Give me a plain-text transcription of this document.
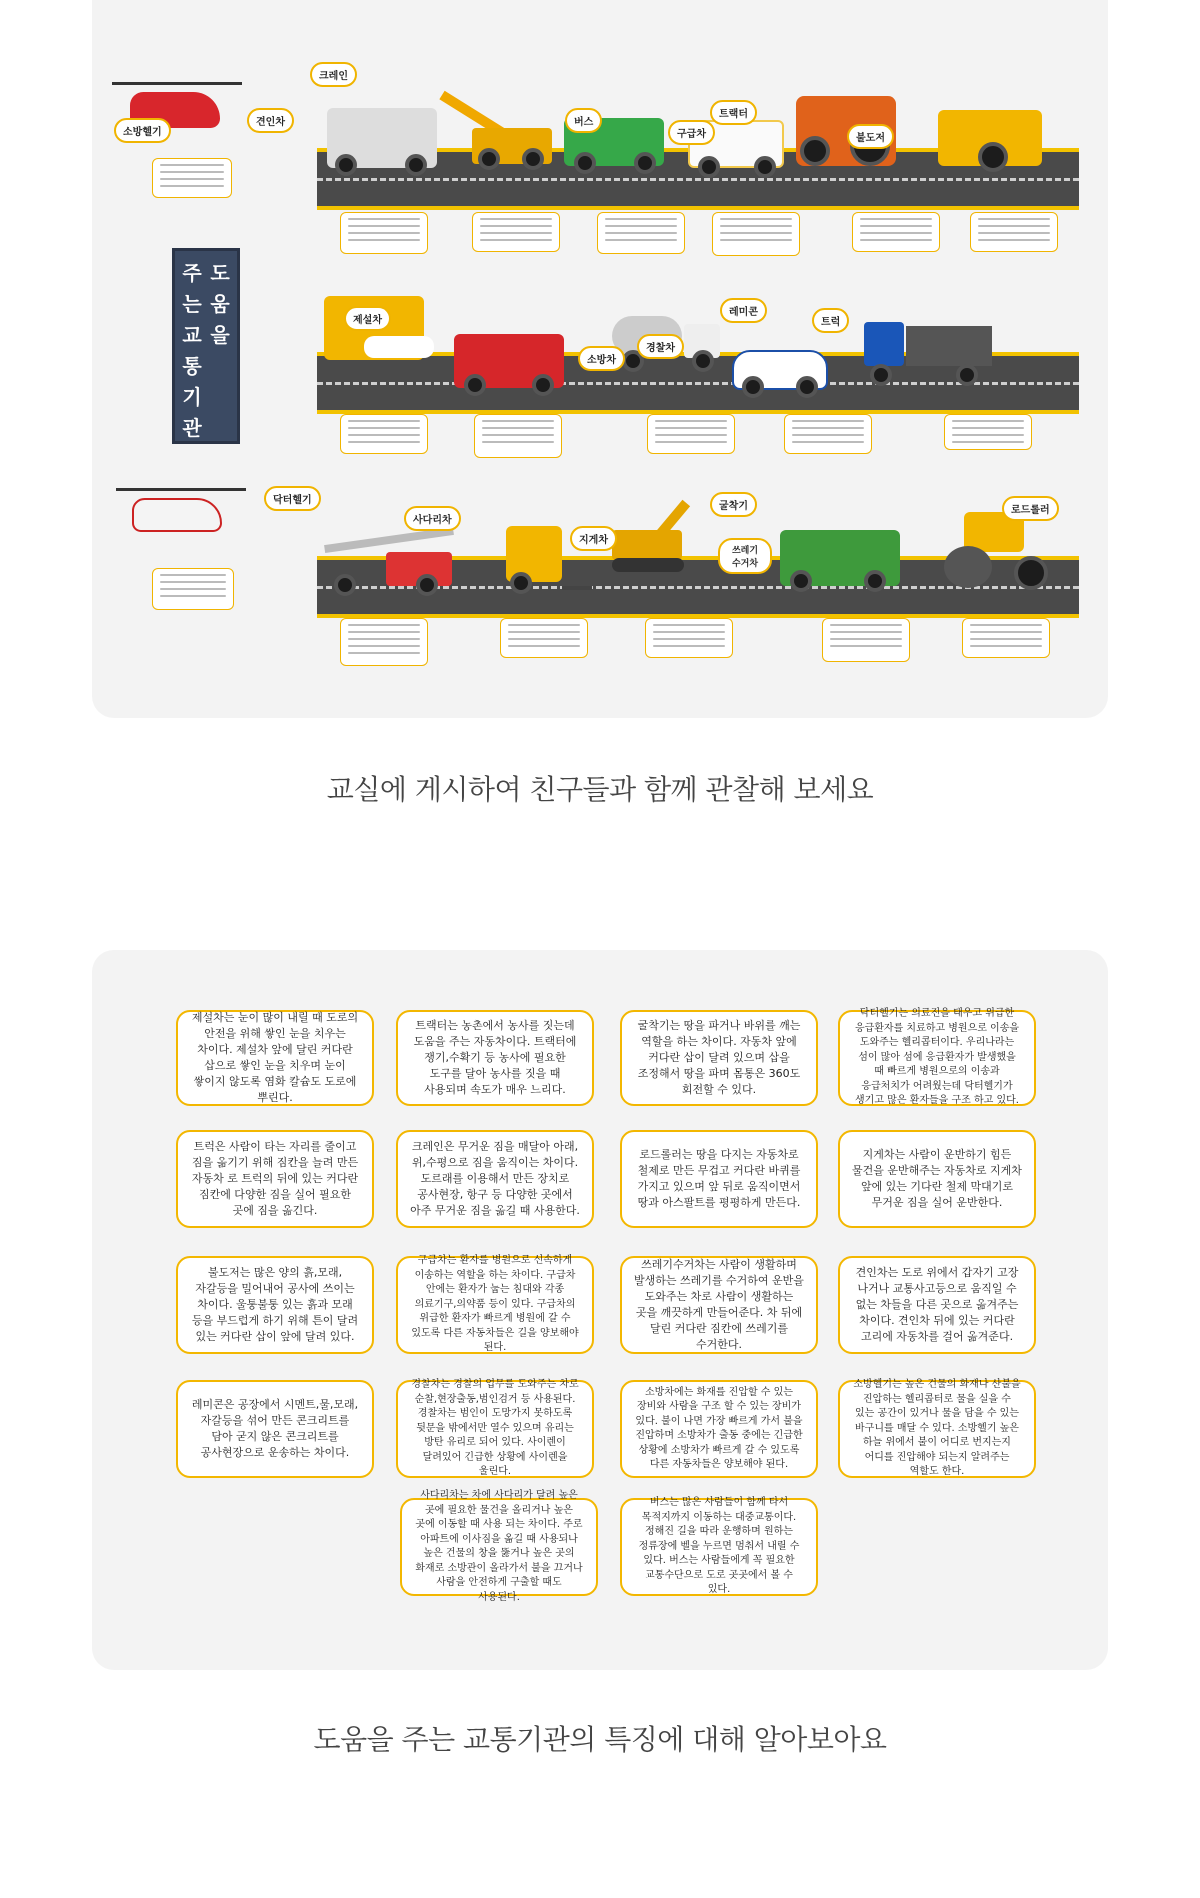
소방헬기
주 도
는 움
교 을
통
기
관
닥터헬기
견인차
크레인
버스
구급차
트랙터
불도저
제설차
소방차
레미콘
경찰차
트럭
사다리차
지게차
굴착기
쓰레기 수거차
로드롤러
교실에 게시하여 친구들과 함께 관찰해 보세요

제설차는 눈이 많이 내릴 때 도로의 안전을 위해 쌓인 눈을 치우는 차이다. 제설차 앞에 달린 커다란 삽으로 쌓인 눈을 치우며 눈이 쌓이지 않도록 염화 칼슘도 도로에 뿌린다.

트랙터는 농촌에서 농사를 짓는데 도움을 주는 자동차이다. 트랙터에 쟁기,수확기 등 농사에 필요한 도구를 달아 농사를 짓을 때 사용되며 속도가 매우 느리다.

굴착기는 땅을 파거나 바위를 깨는 역할을 하는 차이다. 자동차 앞에 커다란 삽이 달려 있으며 삽을 조정해서 땅을 파며 몸통은 360도 회전할 수 있다.

닥터헬기는 의료진을 태우고 위급한 응급환자를 치료하고 병원으로 이송을 도와주는 헬리콥터이다. 우리나라는 섬이 많아 섬에 응급환자가 발생했을 때 빠르게 병원으로의 이송과 응급처치가 어려웠는데 닥터헬기가 생기고 많은 환자들을 구조 하고 있다.

트럭은 사람이 타는 자리를 줄이고 짐을 옮기기 위해 짐칸을 늘려 만든 자동차 로 트럭의 뒤에 있는 커다란 짐칸에 다양한 짐을 실어 필요한 곳에 짐을 옮긴다.

크레인은 무거운 짐을 매달아 아래,위,수평으로 짐을 움직이는 차이다. 도르래를 이용해서 만든 장치로 공사현장, 항구 등 다양한 곳에서 아주 무거운 짐을 옮길 때 사용한다.

로드롤러는 땅을 다지는 자동차로 철제로 만든 무겁고 커다란 바퀴를 가지고 있으며 앞 뒤로 움직이면서 땅과 아스팔트를 평평하게 만든다.

지게차는 사람이 운반하기 힘든 물건을 운반해주는 자동차로 지게차 앞에 있는 기다란 철제 막대기로 무거운 짐을 실어 운반한다.

불도저는 많은 양의 흙,모래,자갈등을 밀어내어 공사에 쓰이는 차이다. 울퉁불퉁 있는 흙과 모래 등을 부드럽게 하기 위해 튼이 달려 있는 커다란 삽이 앞에 달려 있다.

구급차는 환자를 병원으로 신속하게 이송하는 역할을 하는 차이다. 구급차 안에는 환자가 눕는 침대와 각종 의료기구,의약품 등이 있다. 구급차의 위급한 환자가 빠르게 병원에 갈 수 있도록 다른 자동차들은 길을 양보해야 된다.

쓰레기수거차는 사람이 생활하며 발생하는 쓰레기를 수거하여 운반을 도와주는 차로 사람이 생활하는 곳을 깨끗하게 만들어준다. 차 뒤에 달린 커다란 짐칸에 쓰레기를 수거한다.

견인차는 도로 위에서 갑자기 고장 나거나 교통사고등으로 움직일 수 없는 차들을 다른 곳으로 옮겨주는 차이다. 견인차 뒤에 있는 커다란 고리에 자동차를 걸어 옮겨준다.

레미콘은 공장에서 시멘트,물,모래,자갈등을 섞어 만든 콘크리트를 담아 굳지 않은 콘크리트를 공사현장으로 운송하는 차이다.

경찰차는 경찰의 업무를 도와주는 차로 순찰,현장출동,범인검거 등 사용된다. 경찰차는 범인이 도망가지 못하도록 뒷문을 밖에서만 열수 있으며 유리는 방탄 유리로 되어 있다. 사이렌이 달려있어 긴급한 상황에 사이렌을 울린다.

소방차에는 화재를 진압할 수 있는 장비와 사람을 구조 할 수 있는 장비가 있다. 불이 나면 가장 빠르게 가서 불을 진압하며 소방차가 출동 중에는 긴급한 상황에 소방차가 빠르게 갈 수 있도록 다른 자동차들은 양보해야 된다.

소방헬기는 높은 건물의 화재나 산불을 진압하는 헬리콥터로 물을 실을 수 있는 공간이 있거나 물을 담을 수 있는 바구니를 매달 수 있다. 소방헬기 높은 하늘 위에서 불이 어디로 번지는지 어디를 진압해야 되는지 알려주는 역할도 한다.

사다리차는 차에 사다리가 달려 높은 곳에 필요한 물건을 올리거나 높은 곳에 이동할 때 사용 되는 차이다. 주로 아파트에 이사짐을 옮길 때 사용되나 높은 건물의 창을 뚫거나 높은 곳의 화재로 소방관이 올라가서 불을 끄거나 사람을 안전하게 구출할 때도 사용된다.

버스는 많은 사람들이 함께 타서 목적지까지 이동하는 대중교통이다. 정해진 길을 따라 운행하며 원하는 정류장에 벨을 누르면 멈춰서 내릴 수 있다. 버스는 사람들에게 꼭 필요한 교통수단으로 도로 곳곳에서 볼 수 있다.

도움을 주는 교통기관의 특징에 대해 알아보아요
